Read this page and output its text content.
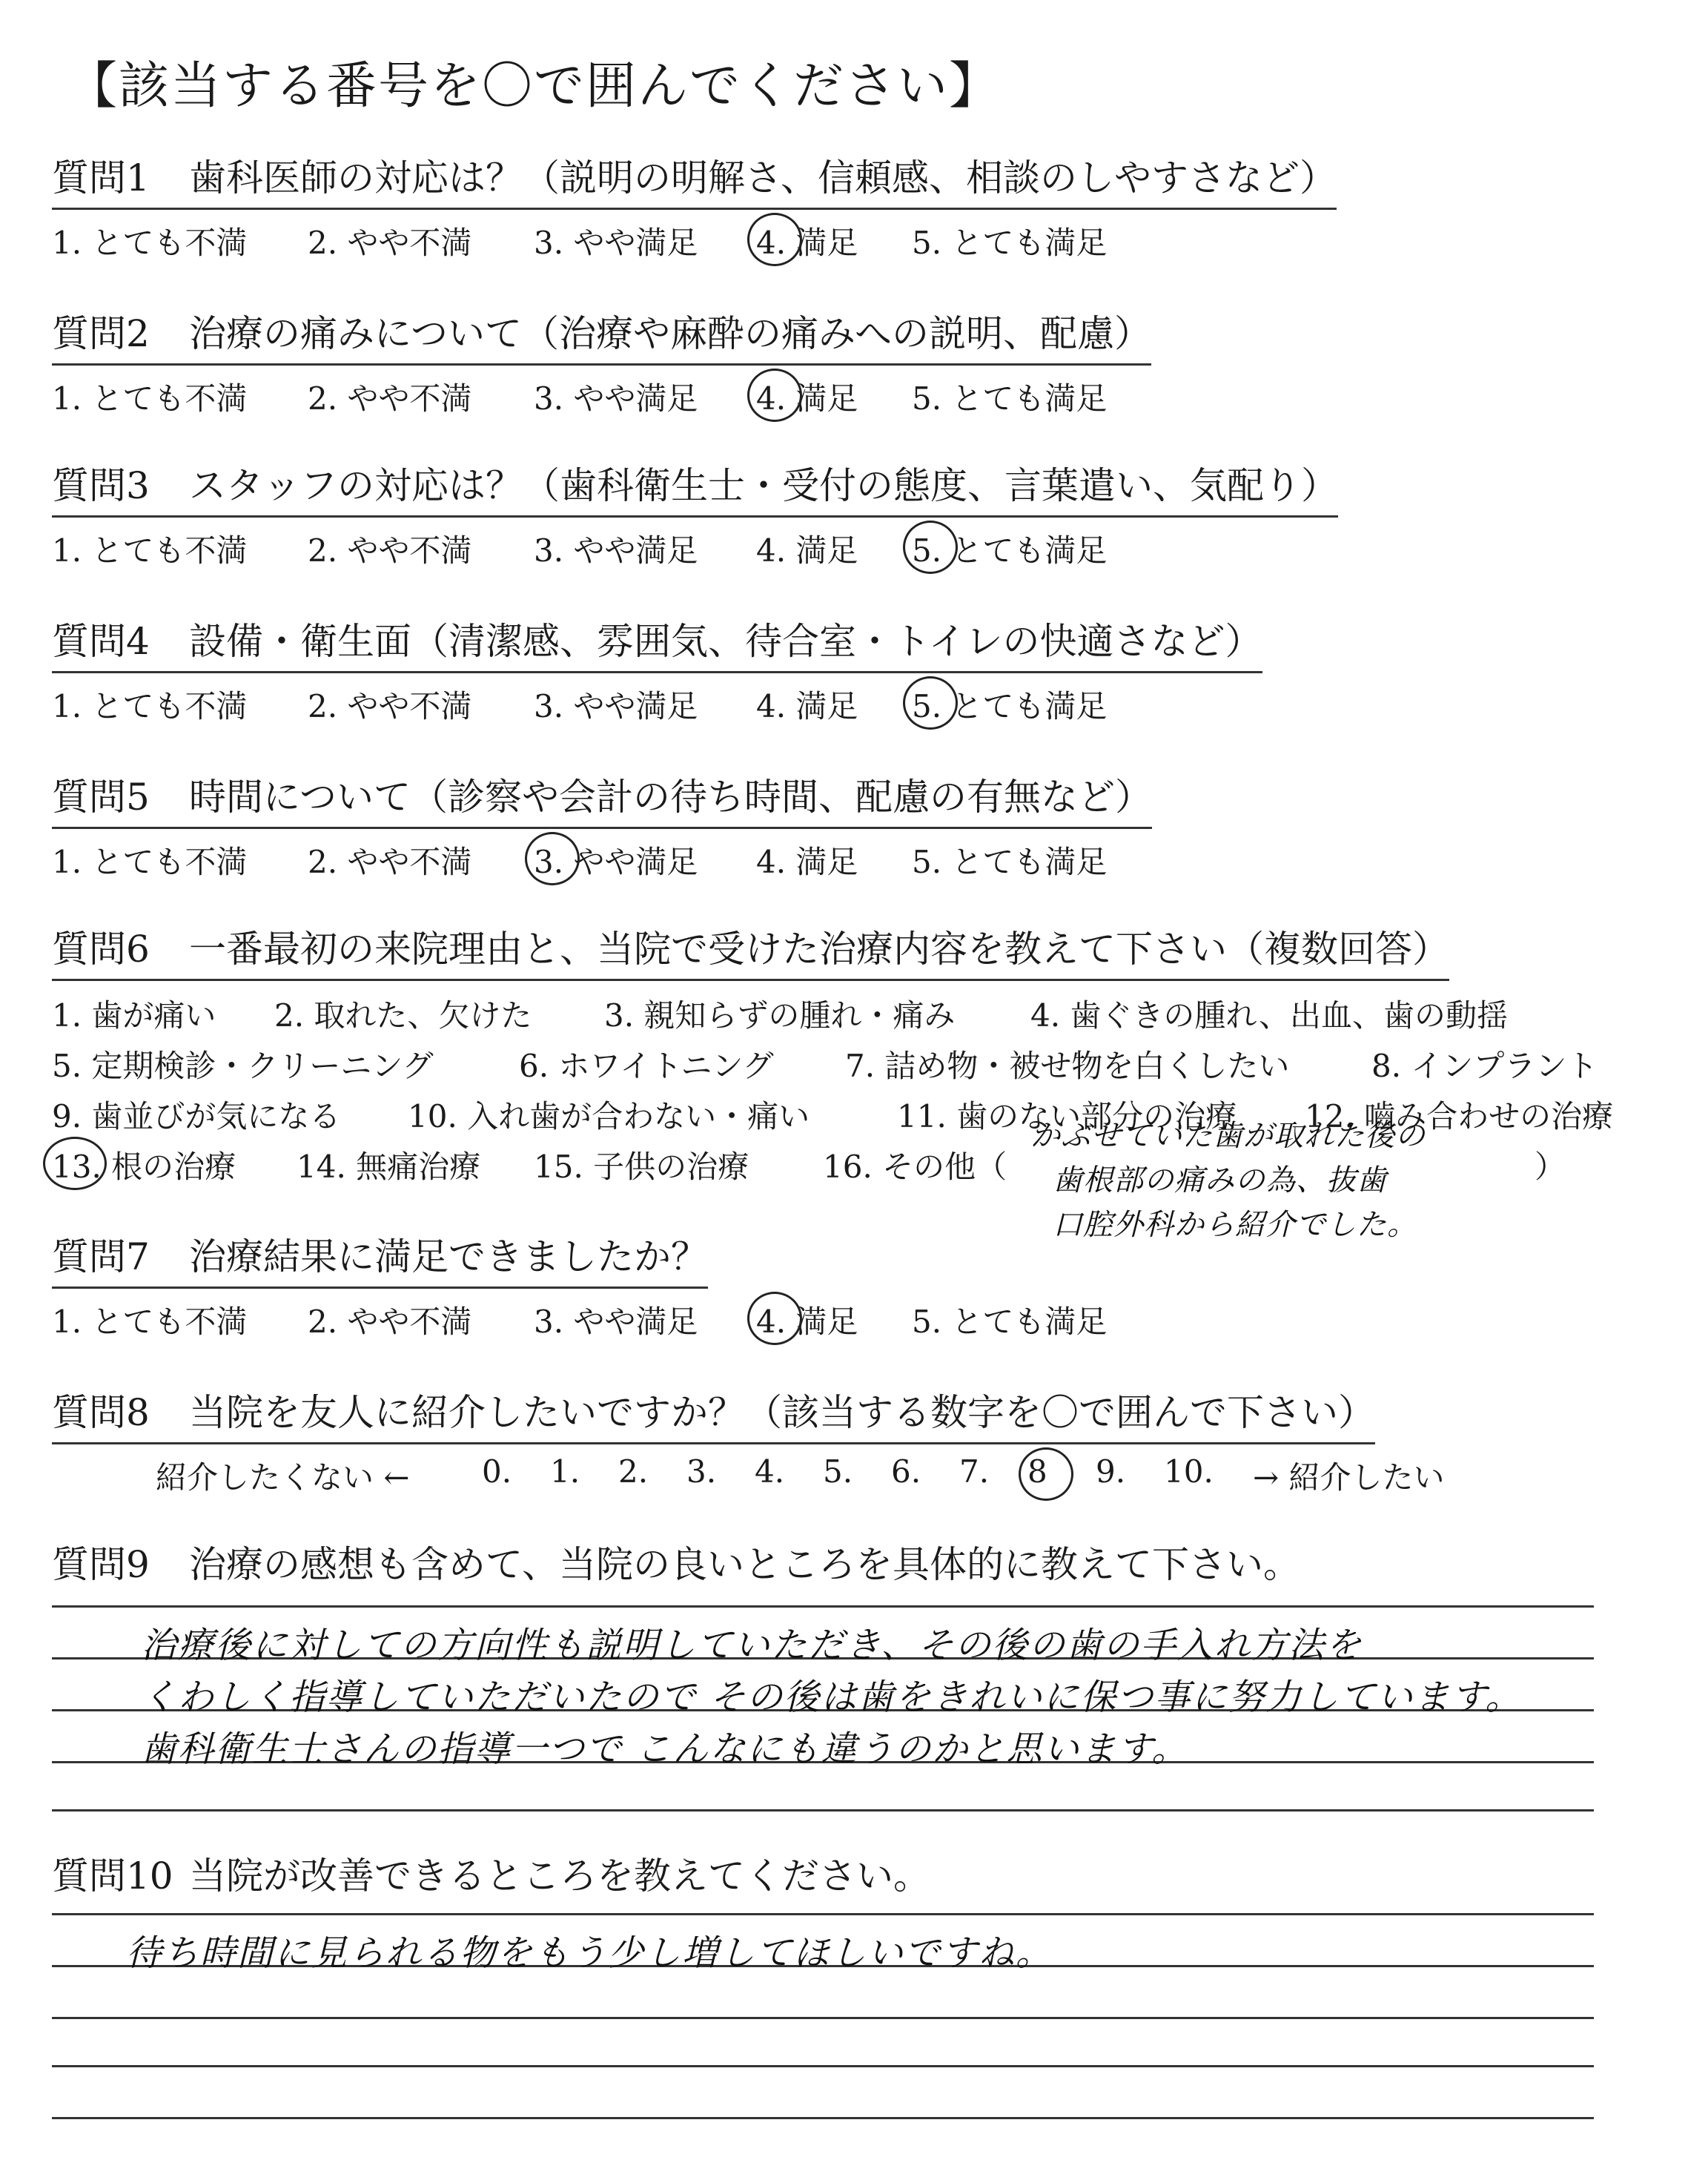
【該当する番号を〇で囲んでください】
質問1 歯科医師の対応は？（説明の明解さ、信頼感、相談のしやすさなど）
1. とても不満 2. やや不満 3. やや満足 4. 満足 5. とても満足
質問2 治療の痛みについて（治療や麻酔の痛みへの説明、配慮）
1. とても不満 2. やや不満 3. やや満足 4. 満足 5. とても満足
質問3 スタッフの対応は？（歯科衛生士・受付の態度、言葉遣い、気配り）
1. とても不満 2. やや不満 3. やや満足 4. 満足 5. とても満足
質問4 設備・衛生面（清潔感、雰囲気、待合室・トイレの快適さなど）
1. とても不満 2. やや不満 3. やや満足 4. 満足 5. とても満足
質問5 時間について（診察や会計の待ち時間、配慮の有無など）
1. とても不満 2. やや不満 3. やや満足 4. 満足 5. とても満足
質問6 一番最初の来院理由と、当院で受けた治療内容を教えて下さい（複数回答）
1. 歯が痛い 2. 取れた、欠けた 3. 親知らずの腫れ・痛み 4. 歯ぐきの腫れ、出血、歯の動揺
5. 定期検診・クリーニング	6. ホワイトニング 7. 詰め物・被せ物を白くしたい	8. インプラント
9. 歯並びが気になる 10. 入れ歯が合わない・痛い	11. 歯のない部分の治療 12. 嚙み合わせの治療
13. 根の治療 14. 無痛治療 15. 子供の治療 16. その他（	）
かぶせていた歯が取れた後の
歯根部の痛みの為、抜歯
口腔外科から紹介でした。
質問7 治療結果に満足できましたか？
1. とても不満 2. やや不満 3. やや満足 4. 満足 5. とても満足
質問8 当院を友人に紹介したいですか？（該当する数字を〇で囲んで下さい）
紹介したくない ← 0. 1. 2. 3. 4. 5. 6. 7. 8 9. 10. → 紹介したい
質問9 治療の感想も含めて、当院の良いところを具体的に教えて下さい。
治療後に対しての方向性も説明していただき、その後の歯の手入れ方法を
くわしく指導していただいたので その後は歯をきれいに保つ事に努力しています。
歯科衛生士さんの指導一つで こんなにも違うのかと思います。
質問10 当院が改善できるところを教えてください。
待ち時間に見られる物をもう少し増してほしいですね。
